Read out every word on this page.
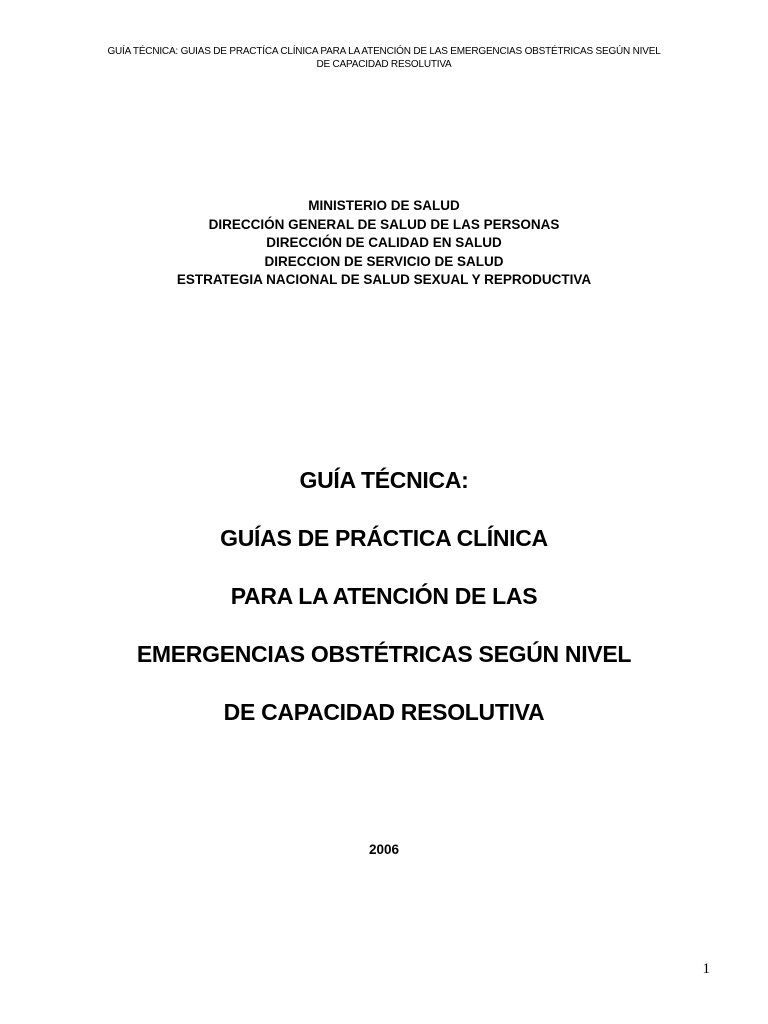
GUÍA TÉCNICA: GUIAS DE PRACTÍCA CLÍNICA PARA LA ATENCIÓN DE LAS EMERGENCIAS OBSTÉTRICAS SEGÚN NIVEL
DE CAPACIDAD RESOLUTIVA
MINISTERIO DE SALUD
DIRECCIÓN GENERAL DE SALUD DE LAS PERSONAS
DIRECCIÓN DE CALIDAD EN SALUD
DIRECCION DE SERVICIO DE SALUD
ESTRATEGIA NACIONAL DE SALUD SEXUAL Y REPRODUCTIVA
GUÍA TÉCNICA:
GUÍAS DE PRÁCTICA CLÍNICA
PARA LA ATENCIÓN DE LAS
EMERGENCIAS OBSTÉTRICAS SEGÚN NIVEL
DE CAPACIDAD RESOLUTIVA
2006
1
